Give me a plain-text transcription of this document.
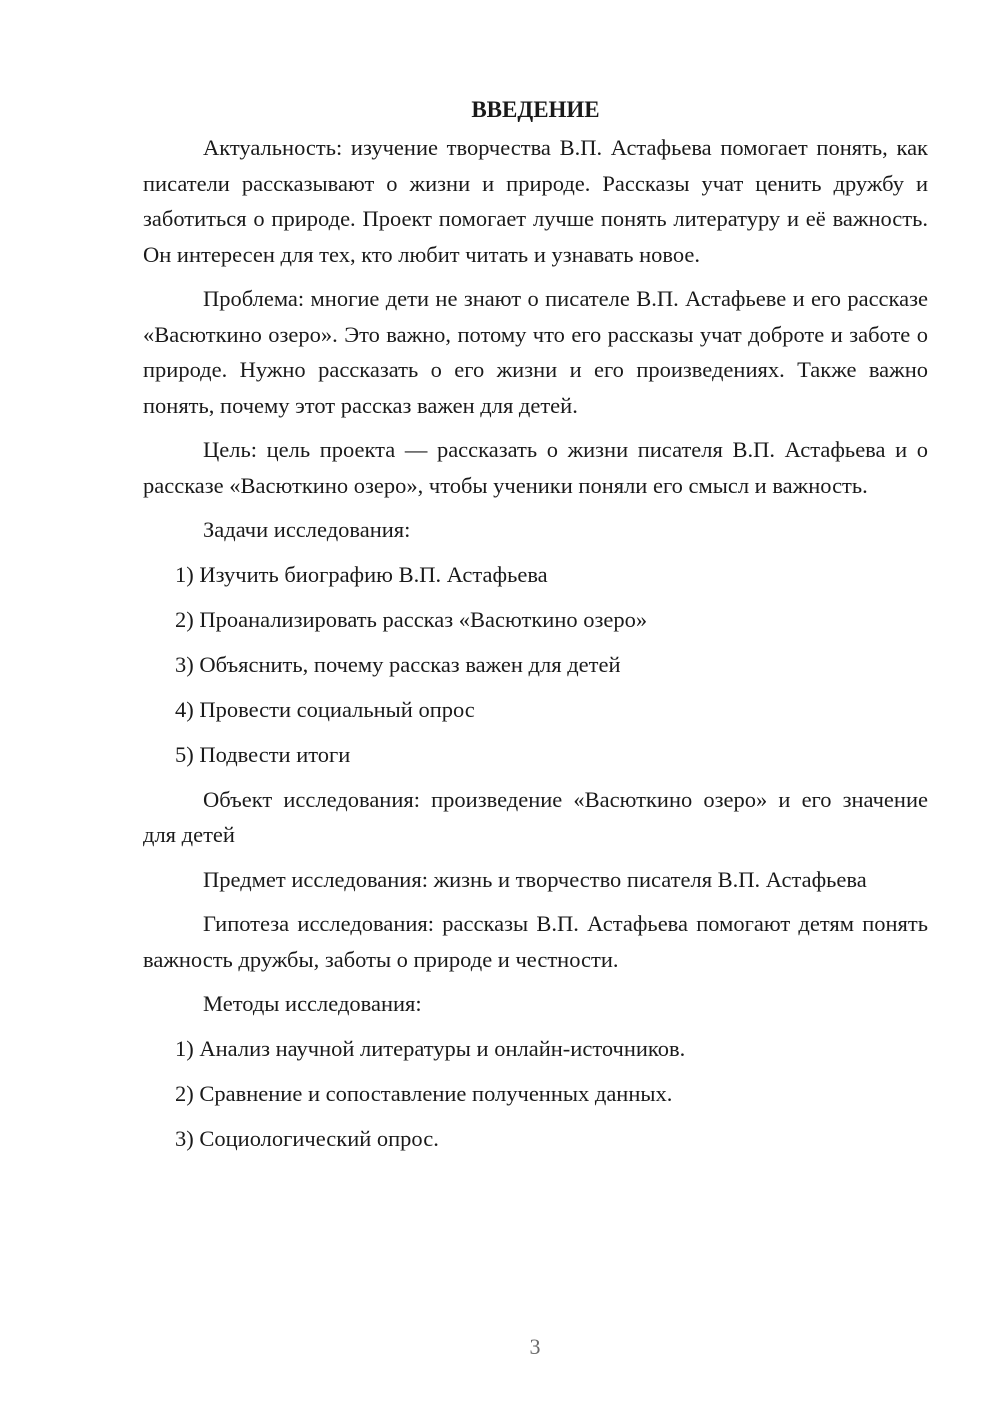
ВВЕДЕНИЕ

Актуальность: изучение творчества В.П. Астафьева помогает понять, как писатели рассказывают о жизни и природе. Рассказы учат ценить дружбу и заботиться о природе. Проект помогает лучше понять литературу и её важность. Он интересен для тех, кто любит читать и узнавать новое.

Проблема: многие дети не знают о писателе В.П. Астафьеве и его рассказе «Васюткино озеро». Это важно, потому что его рассказы учат доброте и заботе о природе. Нужно рассказать о его жизни и его произведениях. Также важно понять, почему этот рассказ важен для детей.

Цель: цель проекта — рассказать о жизни писателя В.П. Астафьева и о рассказе «Васюткино озеро», чтобы ученики поняли его смысл и важность.

Задачи исследования:

1) Изучить биографию В.П. Астафьева

2) Проанализировать рассказ «Васюткино озеро»

3) Объяснить, почему рассказ важен для детей

4) Провести социальный опрос

5) Подвести итоги

Объект исследования: произведение «Васюткино озеро» и его значение для детей

Предмет исследования: жизнь и творчество писателя В.П. Астафьева

Гипотеза исследования: рассказы В.П. Астафьева помогают детям понять важность дружбы, заботы о природе и честности.

Методы исследования:

1) Анализ научной литературы и онлайн-источников.

2) Сравнение и сопоставление полученных данных.

3) Социологический опрос.

3
